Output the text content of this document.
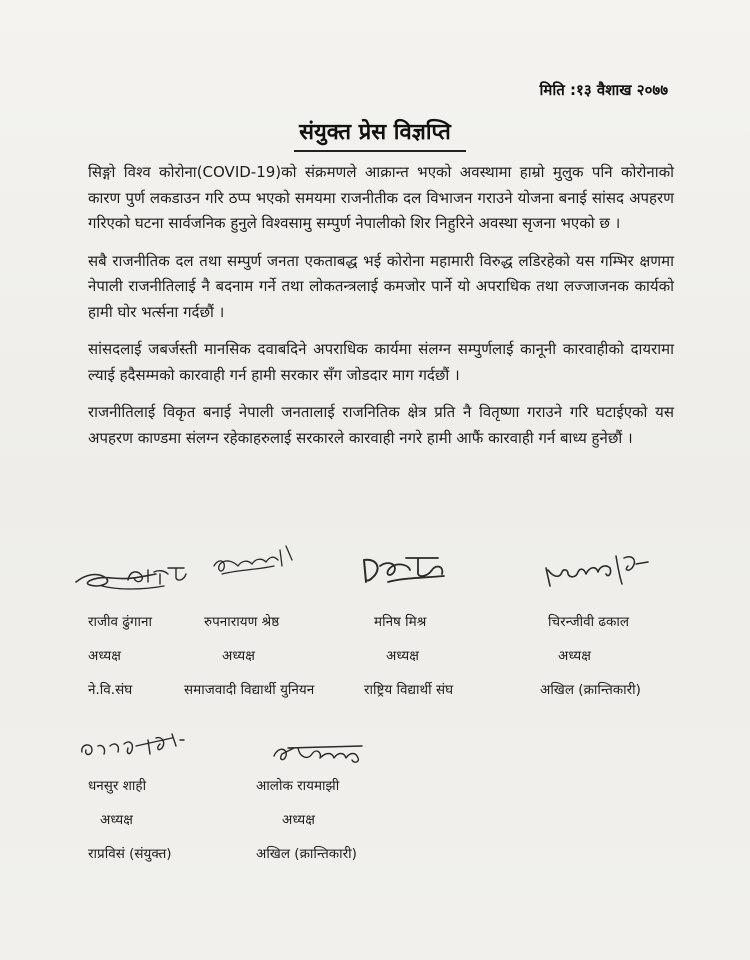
मिति :१३ वैशाख २०७७
संयुक्त प्रेस विज्ञप्ति

सिङ्गो विश्व कोरोना(COVID-19)को संक्रमणले आक्रान्त भएको अवस्थामा हाम्रो मुलुक पनि कोरोनाको कारण पुर्ण लकडाउन गरि ठप्प भएको समयमा राजनीतीक दल विभाजन गराउने योजना बनाई सांसद अपहरण गरिएको घटना सार्वजनिक हुनुले विश्वसामु सम्पुर्ण नेपालीको शिर निहुरिने अवस्था सृजना भएको छ ।

सबै राजनीतिक दल तथा सम्पुर्ण जनता एकताबद्ध भई कोरोना महामारी विरुद्ध लडिरहेको यस गम्भिर क्षणमा नेपाली राजनीतिलाई नै बदनाम गर्ने तथा लोकतन्त्रलाई कमजोर पार्ने यो अपराधिक तथा लज्जाजनक कार्यको हामी घोर भर्त्सना गर्दछौं ।

सांसदलाई जबर्जस्ती मानसिक दवाबदिने अपराधिक कार्यमा संलग्न सम्पुर्णलाई कानूनी कारवाहीको दायरामा ल्याई हदैसम्मको कारवाही गर्न हामी सरकार सँग जोडदार माग गर्दछौं ।

राजनीतिलाई विकृत बनाई नेपाली जनतालाई राजनितिक क्षेत्र प्रति नै वितृष्णा गराउने गरि घटाईएको यस अपहरण काण्डमा संलग्न रहेकाहरुलाई सरकारले कारवाही नगरे हामी आफैं कारवाही गर्न बाध्य हुनेछौं ।

राजीव ढुंगाना
अध्यक्ष
ने.वि.संघ
रुपनारायण श्रेष्ठ
अध्यक्ष
समाजवादी विद्यार्थी युनियन
मनिष मिश्र
अध्यक्ष
राष्ट्रिय विद्यार्थी संघ
चिरन्जीवी ढकाल
अध्यक्ष
अखिल (क्रान्तिकारी)
धनसुर शाही
अध्यक्ष
राप्रविसं (संयुक्त)
आलोक रायमाझी
अध्यक्ष
अखिल (क्रान्तिकारी)
